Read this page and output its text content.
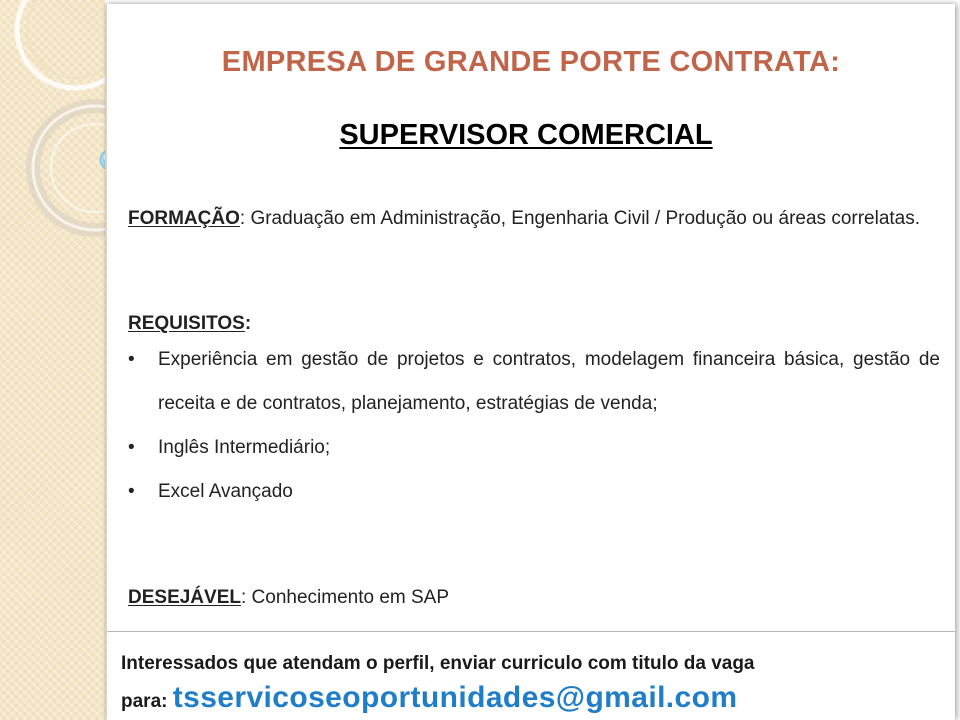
EMPRESA DE GRANDE PORTE CONTRATA:
SUPERVISOR COMERCIAL
FORMAÇÃO: Graduação em Administração, Engenharia Civil / Produção ou áreas correlatas.
REQUISITOS:
• Experiência em gestão de projetos e contratos, modelagem financeira básica, gestão de receita e de contratos, planejamento, estratégias de venda;
• Inglês Intermediário;
• Excel Avançado
DESEJÁVEL: Conhecimento em SAP
Interessados que atendam o perfil, enviar curriculo com titulo da vaga
para: tsservicoseoportunidades@gmail.com
